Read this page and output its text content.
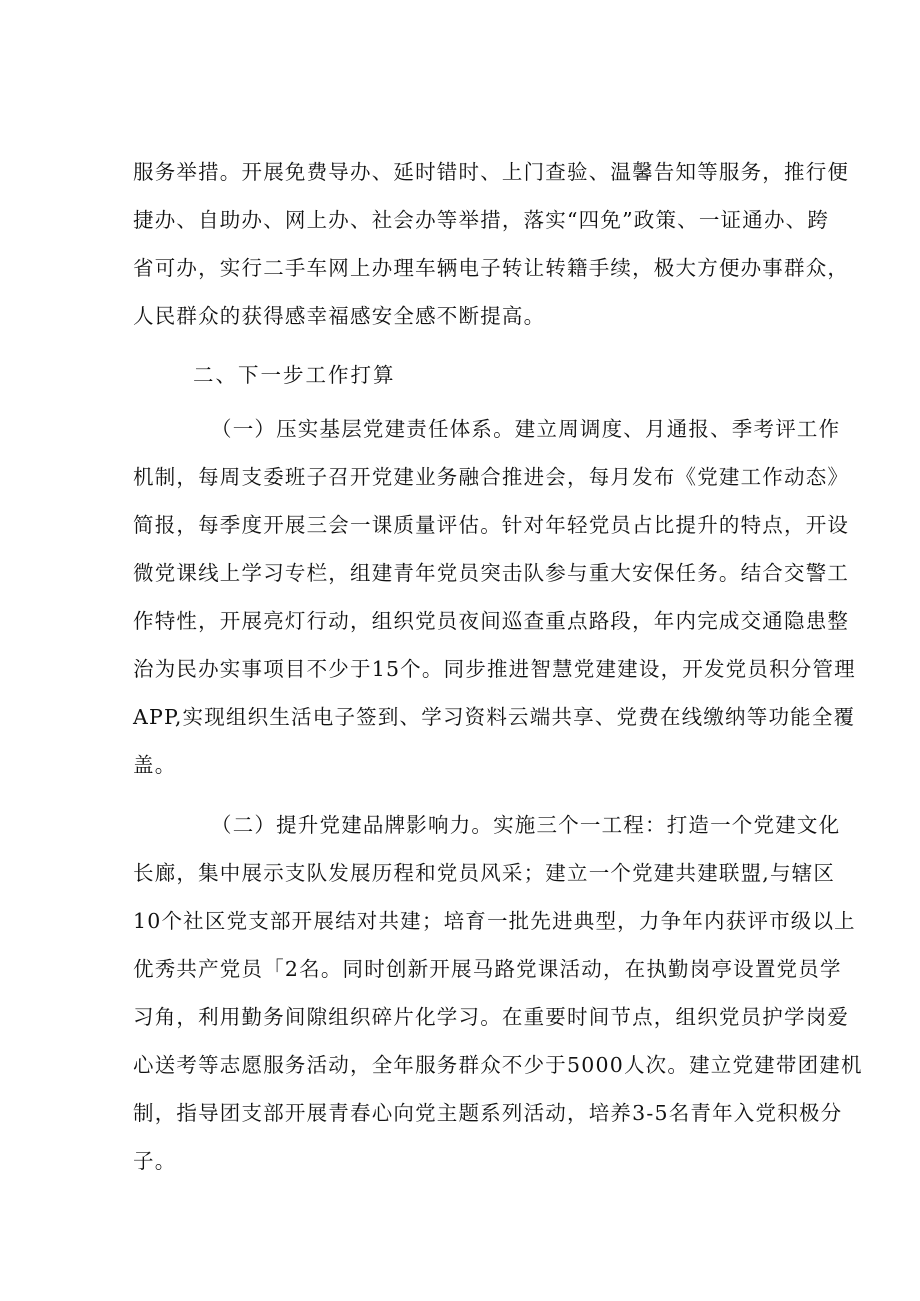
服务举措。开展免费导办、延时错时、上门查验、温馨告知等服务，推行便
捷办、自助办、网上办、社会办等举措，落实“四免”政策、一证通办、跨
省可办，实行二手车网上办理车辆电子转让转籍手续，极大方便办事群众，
人民群众的获得感幸福感安全感不断提高。
二、下一步工作打算
（一）压实基层党建责任体系。建立周调度、月通报、季考评工作
机制，每周支委班子召开党建业务融合推进会，每月发布《党建工作动态》
简报，每季度开展三会一课质量评估。针对年轻党员占比提升的特点，开设
微党课线上学习专栏，组建青年党员突击队参与重大安保任务。结合交警工
作特性，开展亮灯行动，组织党员夜间巡查重点路段，年内完成交通隐患整
治为民办实事项目不少于15个。同步推进智慧党建建设，开发党员积分管理
APP,实现组织生活电子签到、学习资料云端共享、党费在线缴纳等功能全覆
盖。
（二）提升党建品牌影响力。实施三个一工程：打造一个党建文化
长廊，集中展示支队发展历程和党员风采；建立一个党建共建联盟,与辖区
10个社区党支部开展结对共建；培育一批先进典型，力争年内获评市级以上
优秀共产党员「2名。同时创新开展马路党课活动，在执勤岗亭设置党员学
习角，利用勤务间隙组织碎片化学习。在重要时间节点，组织党员护学岗爱
心送考等志愿服务活动，全年服务群众不少于5000人次。建立党建带团建机
制，指导团支部开展青春心向党主题系列活动，培养3-5名青年入党积极分
子。
